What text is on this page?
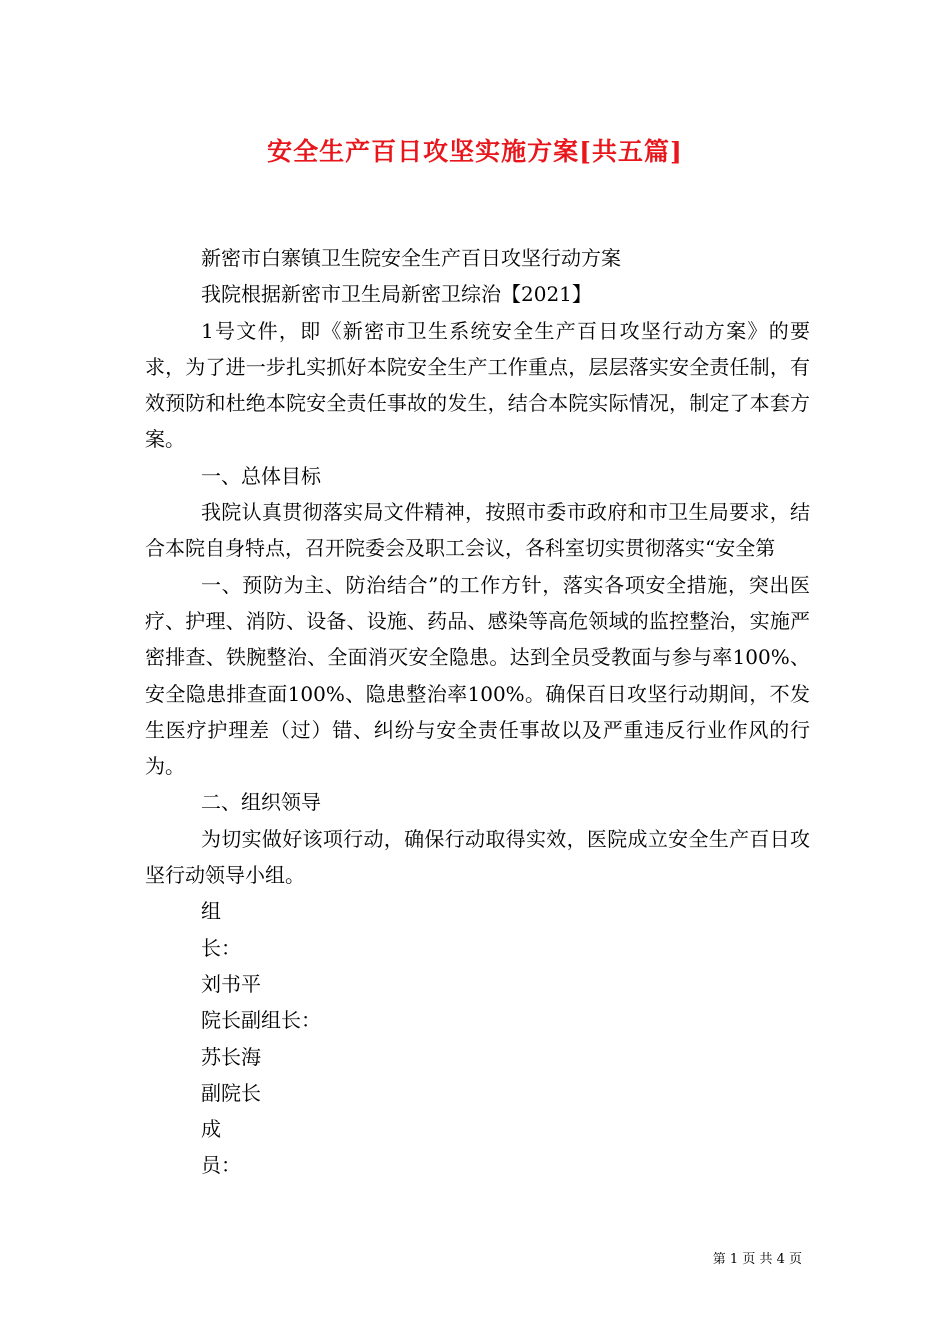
安全生产百日攻坚实施方案[共五篇]

新密市白寨镇卫生院安全生产百日攻坚行动方案

我院根据新密市卫生局新密卫综治【2021】

1号文件，即《新密市卫生系统安全生产百日攻坚行动方案》的要求，为了进一步扎实抓好本院安全生产工作重点，层层落实安全责任制，有效预防和杜绝本院安全责任事故的发生，结合本院实际情况，制定了本套方案。

一、总体目标

我院认真贯彻落实局文件精神，按照市委市政府和市卫生局要求，结合本院自身特点，召开院委会及职工会议，各科室切实贯彻落实“安全第

一、预防为主、防治结合”的工作方针，落实各项安全措施，突出医疗、护理、消防、设备、设施、药品、感染等高危领域的监控整治，实施严密排查、铁腕整治、全面消灭安全隐患。达到全员受教面与参与率100%、安全隐患排查面100%、隐患整治率100%。确保百日攻坚行动期间，不发生医疗护理差（过）错、纠纷与安全责任事故以及严重违反行业作风的行为。

二、组织领导

为切实做好该项行动，确保行动取得实效，医院成立安全生产百日攻坚行动领导小组。

组

长：

刘书平

院长副组长：

苏长海

副院长

成

员：

第 1 页 共 4 页
